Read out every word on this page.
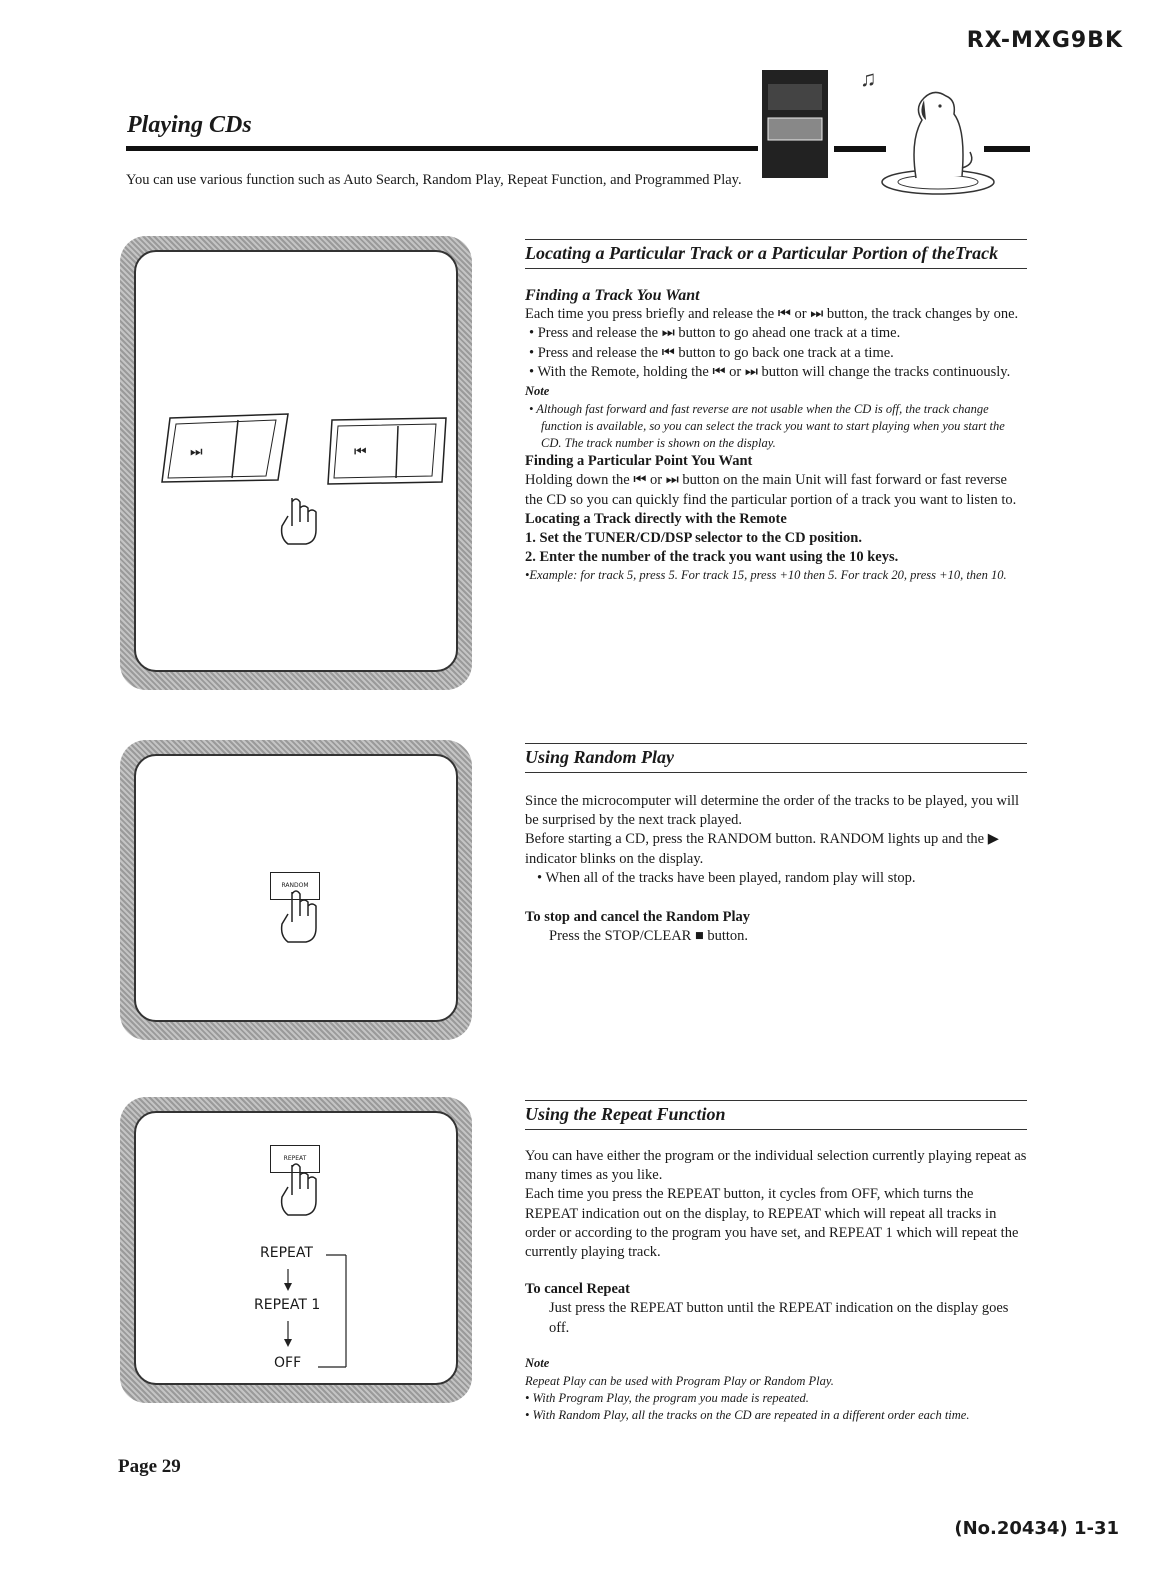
RX-MXG9BK
Playing CDs
You can use various function such as Auto Search, Random Play, Repeat Function, and Programmed Play.
♫
⏭	⏮
Locating a Particular Track or a Particular Portion of theTrack

Finding a Track You Want

Each time you press briefly and release the ⏮ or ⏭ button, the track changes by one.

• Press and release the ⏭ button to go ahead one track at a time.

• Press and release the ⏮ button to go back one track at a time.

• With the Remote, holding the ⏮ or ⏭ button will change the tracks continuously.

Note

• Although fast forward and fast reverse are not usable when the CD is off, the track change function is available, so you can select the track you want to start playing when you start the CD. The track number is shown on the display.

Finding a Particular Point You Want

Holding down the ⏮ or ⏭ button on the main Unit will fast forward or fast reverse the CD so you can quickly find the particular portion of a track you want to listen to.

Locating a Track directly with the Remote

1. Set the TUNER/CD/DSP selector to the CD position.

2. Enter the number of the track you want using the 10 keys.

•Example: for track 5, press 5. For track 15, press +10 then 5. For track 20, press +10, then 10.

RANDOM
Using Random Play

Since the microcomputer will determine the order of the tracks to be played, you will be surprised by the next track played.

Before starting a CD, press the RANDOM button. RANDOM lights up and the ▶ indicator blinks on the display.

• When all of the tracks have been played, random play will stop.

To stop and cancel the Random Play

Press the STOP/CLEAR ■ button.

REPEAT
REPEAT
REPEAT 1
OFF
Using the Repeat Function

You can have either the program or the individual selection currently playing repeat as many times as you like.

Each time you press the REPEAT button, it cycles from OFF, which turns the REPEAT indication out on the display, to REPEAT which will repeat all tracks in order or according to the program you have set, and REPEAT 1 which will repeat the currently playing track.

To cancel Repeat

Just press the REPEAT button until the REPEAT indication on the display goes off.

Note

Repeat Play can be used with Program Play or Random Play.

• With Program Play, the program you made is repeated.

• With Random Play, all the tracks on the CD are repeated in a different order each time.

Page 29
(No.20434) 1-31
